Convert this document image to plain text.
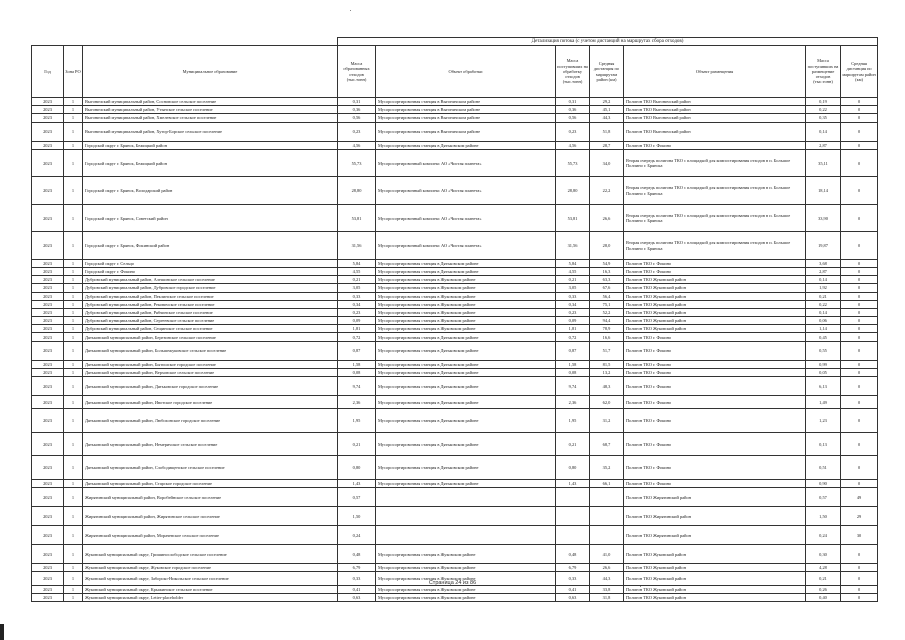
			Детализация потока (с учетом дистанций на маршрутах сбора отходов)						
Год	Зона РО	Муниципальное образование	Масса образованных отходов (тыс.тонн)	Объект обработки	Масса поступивших на обработку отходов (тыс.тонн)	Средняя дистанция по маршрутам район (км)	Объект размещения	Масса поступивших на размещение отходов (тыс.тонн)	Средняя дистанция по маршрутам район (км)
2023	1	Выгоничский муниципальный район, Сосновское сельское поселение	0,31	Мусоросортировочная станция в Выгоничском районе	0,31	29,2	Полигон ТКО Выгоничский район	0,19	0
2023	1	Выгоничский муниципальный район, Утынское сельское поселение	0,36	Мусоросортировочная станция в Выгоничском районе	0,36	45,1	Полигон ТКО Выгоничский район	0,22	0
2023	1	Выгоничский муниципальный район, Хмелевское сельское поселение	0,56	Мусоросортировочная станция в Выгоничском районе	0,56	44,3	Полигон ТКО Выгоничский район	0,35	0
2023	1	Выгоничский муниципальный район, Хутор-Борское сельское поселение	0,23	Мусоросортировочная станция в Выгоничском районе	0,23	51,8	Полигон ТКО Выгоничский район	0,14	0
2023	1	Городской округ г. Брянск, Бежицкий район	4,56	Мусоросортировочная станция в Дятьковском районе	4,56	28,7	Полигон ТКО г. Фокино	2,87	0
2023	1	Городской округ г. Брянск, Бежицкий район	55,73	Мусоросортировочный комплекс АО «Чистая планета»	55,73	34,0	Вторая очередь полигона ТКО с площадкой для компостирования отходов в п. Большое Полпино г. Брянска	35,11	0
2023	1	Городской округ г. Брянск, Володарский район	28,80	Мусоросортировочный комплекс АО «Чистая планета»	28,80	22,2	Вторая очередь полигона ТКО с площадкой для компостирования отходов в п. Большое Полпино г. Брянска	18,14	0
2023	1	Городской округ г. Брянск, Советский район	53,81	Мусоросортировочный комплекс АО «Чистая планета»	53,81	26,6	Вторая очередь полигона ТКО с площадкой для компостирования отходов в п. Большое Полпино г. Брянска	33,90	0
2023	1	Городской округ г. Брянск, Фокинский район	31,56	Мусоросортировочный комплекс АО «Чистая планета»	31,56	28,0	Вторая очередь полигона ТКО с площадкой для компостирования отходов в п. Большое Полпино г. Брянска	19,87	0
2023	1	Городской округ г. Сельцо	5,84	Мусоросортировочная станция в Дятьковском районе	5,84	54,9	Полигон ТКО г. Фокино	3,68	0
2023	1	Городской округ г. Фокино	4,55	Мусоросортировочная станция в Дятьковском районе	4,55	16,3	Полигон ТКО г. Фокино	2,87	0
2023	1	Дубровский муниципальный район, Алешинское сельское поселение	0,21	Мусоросортировочная станция в Жуковском районе	0,21	63,3	Полигон ТКО Жуковский район	0,14	0
2023	1	Дубровский муниципальный район, Дубровское городское поселение	3,05	Мусоросортировочная станция в Жуковском районе	3,05	67,6	Полигон ТКО Жуковский район	1,92	0
2023	1	Дубровский муниципальный район, Пеклинское сельское поселение	0,33	Мусоросортировочная станция в Жуковском районе	0,33	56,4	Полигон ТКО Жуковский район	0,21	0
2023	1	Дубровский муниципальный район, Рековичское сельское поселение	0,34	Мусоросортировочная станция в Жуковском районе	0,34	75,1	Полигон ТКО Жуковский район	0,22	0
2023	1	Дубровский муниципальный район, Рябчинское сельское поселение	0,23	Мусоросортировочная станция в Жуковском районе	0,23	52,2	Полигон ТКО Жуковский район	0,14	0
2023	1	Дубровский муниципальный район, Сергеевское сельское поселение	0,09	Мусоросортировочная станция в Жуковском районе	0,09	94,4	Полигон ТКО Жуковский район	0,06	0
2023	1	Дубровский муниципальный район, Сещинское сельское поселение	1,81	Мусоросортировочная станция в Жуковском районе	1,81	78,9	Полигон ТКО Жуковский район	1,14	0
2023	1	Дятьковский муниципальный район, Березинское сельское поселение	0,72	Мусоросортировочная станция в Дятьковском районе	0,72	16,6	Полигон ТКО г. Фокино	0,45	0
2023	1	Дятьковский муниципальный район, Большежуковское сельское поселение	0,87	Мусоросортировочная станция в Дятьковском районе	0,87	51,7	Полигон ТКО г. Фокино	0,55	0
2023	1	Дятьковский муниципальный район, Бытошское городское поселение	1,58	Мусоросортировочная станция в Дятьковском районе	1,58	81,5	Полигон ТКО г. Фокино	0,99	0
2023	1	Дятьковский муниципальный район, Верховское сельское поселение	0,08	Мусоросортировочная станция в Дятьковском районе	0,08	13,2	Полигон ТКО г. Фокино	0,05	0
2023	1	Дятьковский муниципальный район, Дятьковское городское поселение	9,74	Мусоросортировочная станция в Дятьковском районе	9,74	48,3	Полигон ТКО г. Фокино	6,13	0
2023	1	Дятьковский муниципальный район, Ивотское городское поселение	2,36	Мусоросортировочная станция в Дятьковском районе	2,36	62,0	Полигон ТКО г. Фокино	1,49	0
2023	1	Дятьковский муниципальный район, Любохонское городское поселение	1,95	Мусоросортировочная станция в Дятьковском районе	1,95	31,2	Полигон ТКО г. Фокино	1,23	0
2023	1	Дятьковский муниципальный район, Немеричское сельское поселение	0,21	Мусоросортировочная станция в Дятьковском районе	0,21	68,7	Полигон ТКО г. Фокино	0,13	0
2023	1	Дятьковский муниципальный район, Слободищенское сельское поселение	0,80	Мусоросортировочная станция в Дятьковском районе	0,80	35,2	Полигон ТКО г. Фокино	0,51	0
2023	1	Дятьковский муниципальный район, Старское городское поселение	1,43	Мусоросортировочная станция в Дятьковском районе	1,43	66,1	Полигон ТКО г. Фокино	0,90	0
2023	1	Жирятинский муниципальный район, Воробейнское сельское поселение	0,57				Полигон ТКО Жирятинский район	0,57	49
2023	1	Жирятинский муниципальный район, Жирятинское сельское поселение	1,50				Полигон ТКО Жирятинский район	1,50	29
2023	1	Жирятинский муниципальный район, Морачевское сельское поселение	0,24				Полигон ТКО Жирятинский район	0,24	30
2023	1	Жуковский муниципальный округ, Гришинослободское сельское поселение	0,48	Мусоросортировочная станция в Жуковском районе	0,48	41,0	Полигон ТКО Жуковский район	0,30	0
2023	1	Жуковский муниципальный округ, Жуковское городское поселение	6,79	Мусоросортировочная станция в Жуковском районе	6,79	26,6	Полигон ТКО Жуковский район	4,28	0
2023	1	Жуковский муниципальный округ, Заборско-Никольское сельское поселение	0,33	Мусоросортировочная станция в Жуковском районе	0,33	44,3	Полигон ТКО Жуковский район	0,21	0
2023	1	Жуковский муниципальный округ, Крыжинское сельское поселение	0,41	Мусоросортировочная станция в Жуковском районе	0,41	33,8	Полигон ТКО Жуковский район	0,26	0
2023	1	Жуковский муниципальный округ, Letter-placeholder	0,63	Мусоросортировочная станция в Жуковском районе	0,63	31,8	Полигон ТКО Жуковский район	0,40	0
Страница 24 из 86
